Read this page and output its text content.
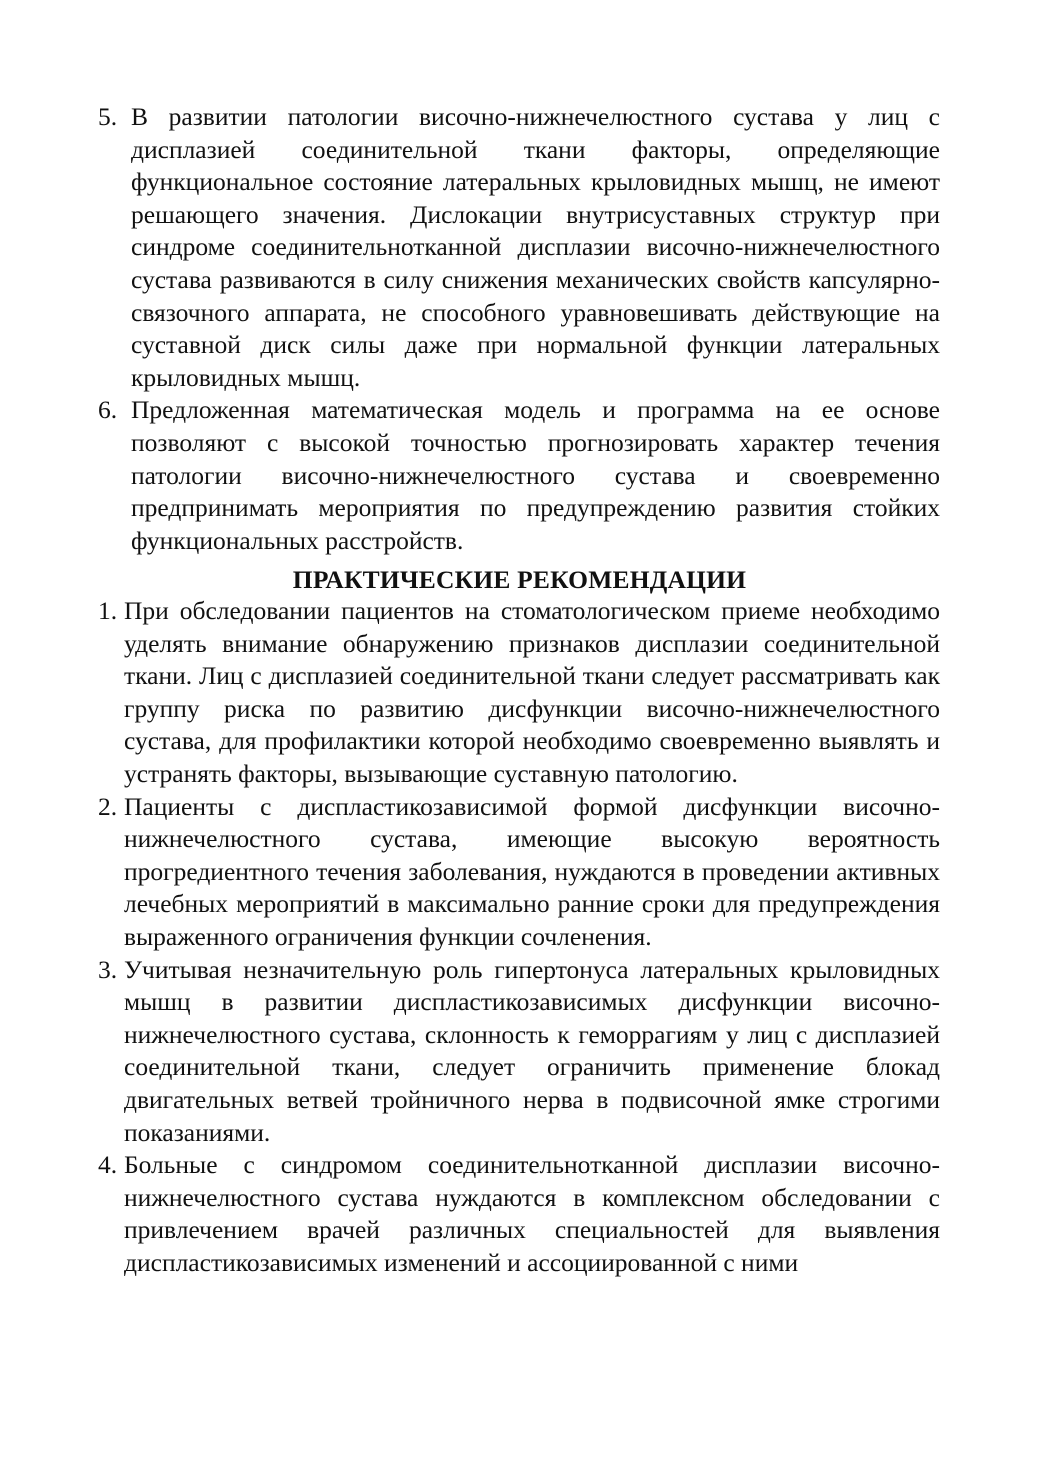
5. В развитии патологии височно-нижнечелюстного сустава у лиц с дисплазией соединительной ткани факторы, определяющие функциональное состояние латеральных крыловидных мышц, не имеют решающего значения. Дислокации внутрисуставных структур при синдроме соединительнотканной дисплазии височно-нижнечелюстного сустава развиваются в силу снижения механических свойств капсулярно- связочного аппарата, не способного уравновешивать действующие на суставной диск силы даже при нормальной функции латеральных крыловидных мышц.
6. Предложенная математическая модель и программа на ее основе позволяют с высокой точностью прогнозировать характер течения патологии височно-нижнечелюстного сустава и своевременно предпринимать мероприятия по предупреждению развития стойких функциональных расстройств.
ПРАКТИЧЕСКИЕ РЕКОМЕНДАЦИИ
1. При обследовании пациентов на стоматологическом приеме необходимо уделять внимание обнаружению признаков дисплазии соединительной ткани. Лиц с дисплазией соединительной ткани следует рассматривать как группу риска по развитию дисфункции височно-нижнечелюстного сустава, для профилактики которой необходимо своевременно выявлять и устранять факторы, вызывающие суставную патологию.
2. Пациенты с диспластикозависимой формой дисфункции височно-нижнечелюстного сустава, имеющие высокую вероятность прогредиентного течения заболевания, нуждаются в проведении активных лечебных мероприятий в максимально ранние сроки для предупреждения выраженного ограничения функции сочленения.
3. Учитывая незначительную роль гипертонуса латеральных крыловидных мышц в развитии диспластикозависимых дисфункции височно-нижнечелюстного сустава, склонность к геморрагиям у лиц с дисплазией соединительной ткани, следует ограничить применение блокад двигательных ветвей тройничного нерва в подвисочной ямке строгими показаниями.
4. Больные с синдромом соединительнотканной дисплазии височно-нижнечелюстного сустава нуждаются в комплексном обследовании с привлечением врачей различных специальностей для выявления диспластикозависимых изменений и ассоциированной с ними
